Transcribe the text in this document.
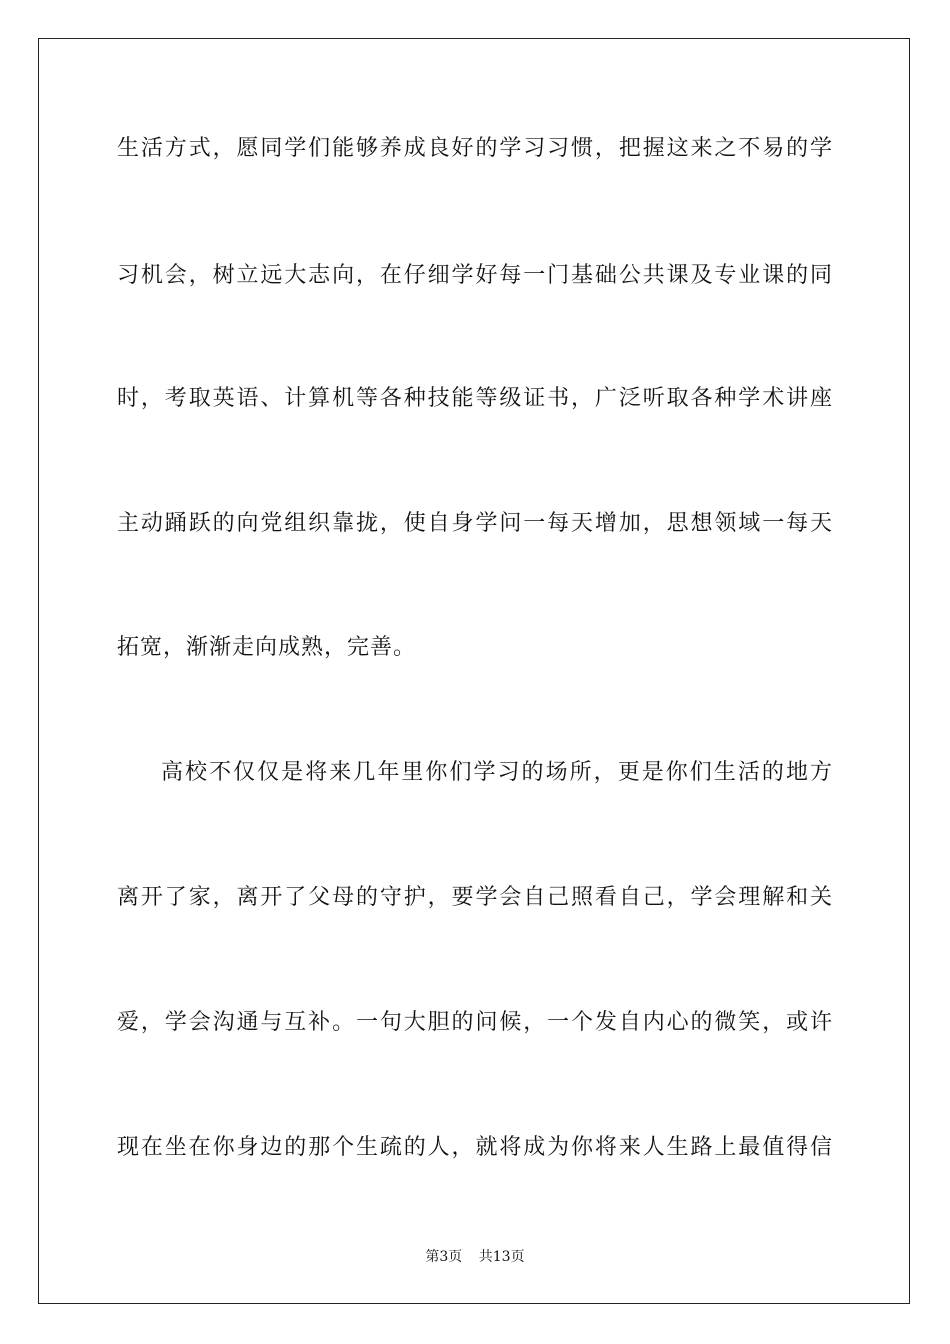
生活方式，愿同学们能够养成良好的学习习惯，把握这来之不易的学
习机会，树立远大志向，在仔细学好每一门基础公共课及专业课的同
时，考取英语、计算机等各种技能等级证书，广泛听取各种学术讲座
主动踊跃的向党组织靠拢，使自身学问一每天增加，思想领域一每天
拓宽，渐渐走向成熟，完善。
高校不仅仅是将来几年里你们学习的场所，更是你们生活的地方
离开了家，离开了父母的守护，要学会自己照看自己，学会理解和关
爱，学会沟通与互补。一句大胆的问候，一个发自内心的微笑，或许
现在坐在你身边的那个生疏的人，就将成为你将来人生路上最值得信
第3页 共13页
